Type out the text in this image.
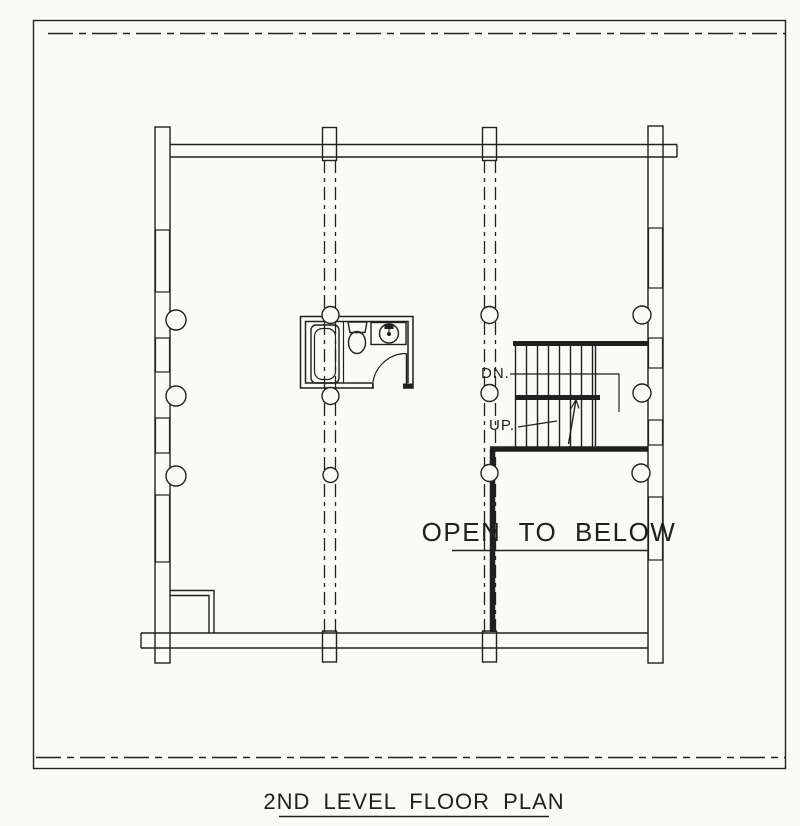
DN.
UP.
OPEN TO BELOW
2ND LEVEL FLOOR PLAN
